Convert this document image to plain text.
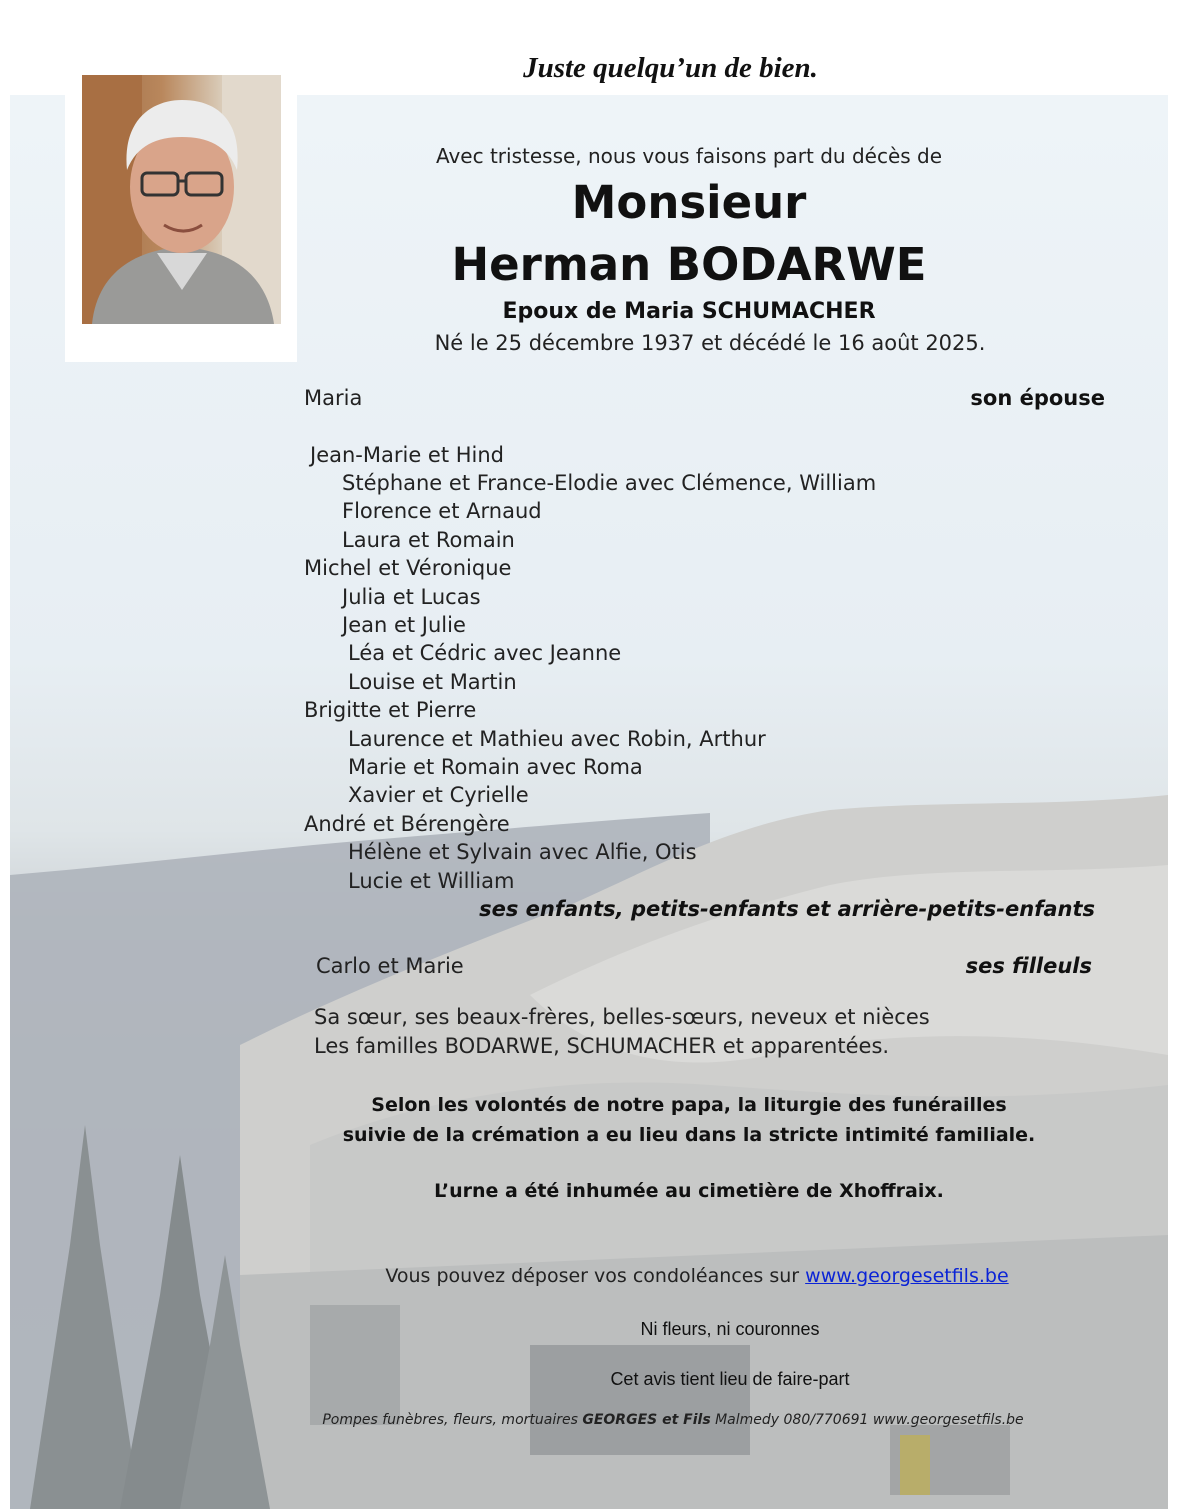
Juste quelqu’un de bien.
Avec tristesse, nous vous faisons part du décès de
Monsieur
Herman BODARWE
Epoux de Maria SCHUMACHER
Né le 25 décembre 1937 et décédé le 16 août 2025.
Maria	son épouse
Jean-Marie et Hind
Stéphane et France-Elodie avec Clémence, William
Florence et Arnaud
Laura et Romain
Michel et Véronique
Julia et Lucas
Jean et Julie
Léa et Cédric avec Jeanne
Louise et Martin
Brigitte et Pierre
Laurence et Mathieu avec Robin, Arthur
Marie et Romain avec Roma
Xavier et Cyrielle
André et Bérengère
Hélène et Sylvain avec Alfie, Otis
Lucie et William
ses enfants, petits-enfants et arrière-petits-enfants
Carlo et Marie	ses filleuls
Sa sœur, ses beaux-frères, belles-sœurs, neveux et nièces
Les familles BODARWE, SCHUMACHER et apparentées.
Selon les volontés de notre papa, la liturgie des funérailles
suivie de la crémation a eu lieu dans la stricte intimité familiale.
L’urne a été inhumée au cimetière de Xhoffraix.
Vous pouvez déposer vos condoléances sur www.georgesetfils.be
Ni fleurs, ni couronnes
Cet avis tient lieu de faire-part
Pompes funèbres, fleurs, mortuaires GEORGES et Fils Malmedy 080/770691 www.georgesetfils.be
